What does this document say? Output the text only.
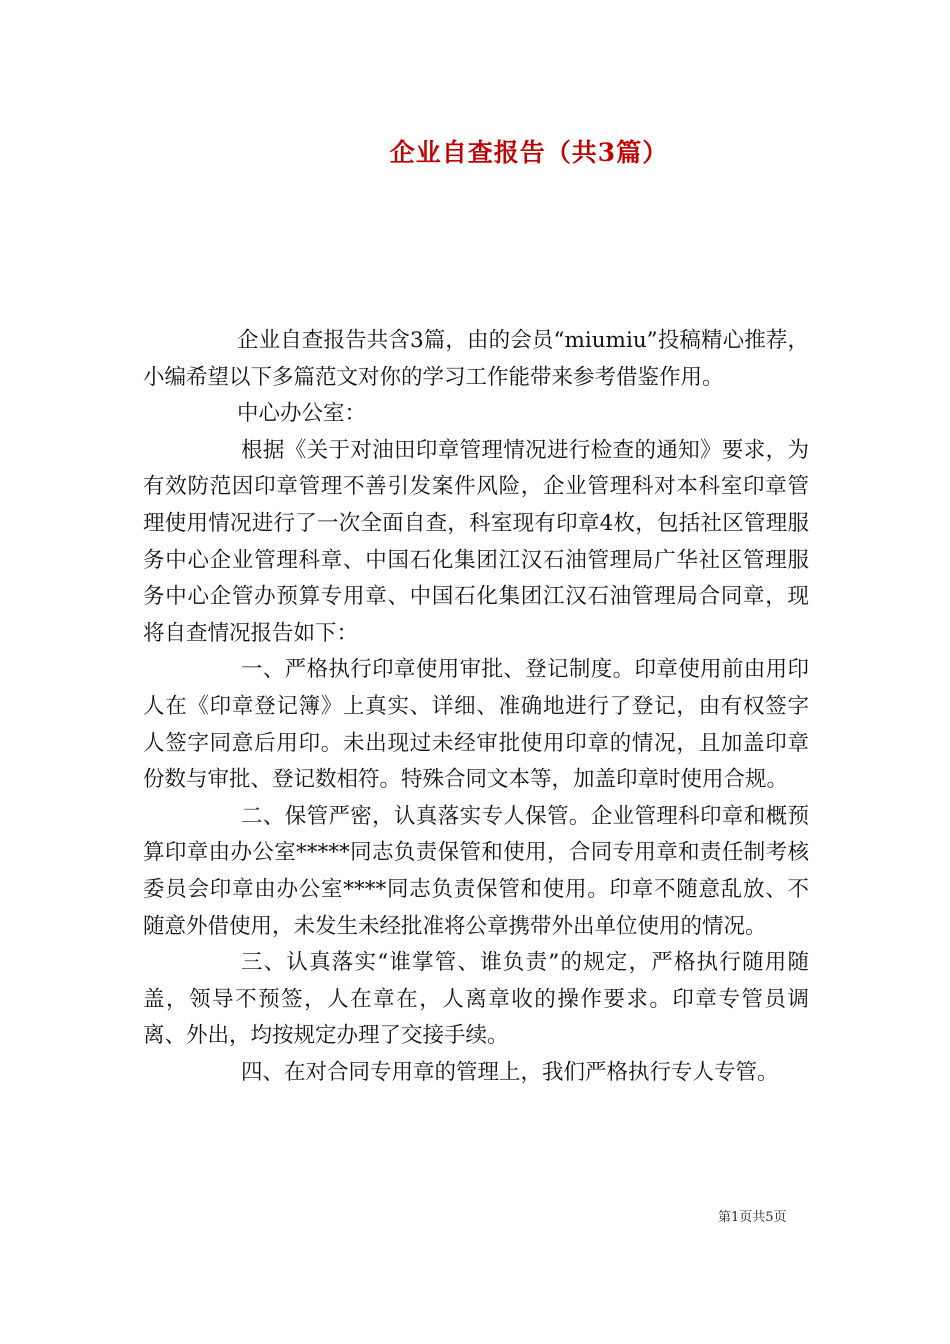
企业自查报告（共3篇）

企业自查报告共含3篇，由的会员“miumiu”投稿精心推荐，小编希望以下多篇范文对你的学习工作能带来参考借鉴作用。

中心办公室：

根据《关于对油田印章管理情况进行检查的通知》要求，为有效防范因印章管理不善引发案件风险，企业管理科对本科室印章管理使用情况进行了一次全面自查，科室现有印章4枚，包括社区管理服务中心企业管理科章、中国石化集团江汉石油管理局广华社区管理服务中心企管办预算专用章、中国石化集团江汉石油管理局合同章，现将自查情况报告如下：

一、严格执行印章使用审批、登记制度。印章使用前由用印人在《印章登记簿》上真实、详细、准确地进行了登记，由有权签字人签字同意后用印。未出现过未经审批使用印章的情况，且加盖印章份数与审批、登记数相符。特殊合同文本等，加盖印章时使用合规。

二、保管严密，认真落实专人保管。企业管理科印章和概预算印章由办公室*****同志负责保管和使用，合同专用章和责任制考核委员会印章由办公室****同志负责保管和使用。印章不随意乱放、不随意外借使用，未发生未经批准将公章携带外出单位使用的情况。

三、认真落实“谁掌管、谁负责”的规定，严格执行随用随盖，领导不预签，人在章在，人离章收的操作要求。印章专管员调离、外出，均按规定办理了交接手续。

四、在对合同专用章的管理上，我们严格执行专人专管。

第1页共5页
